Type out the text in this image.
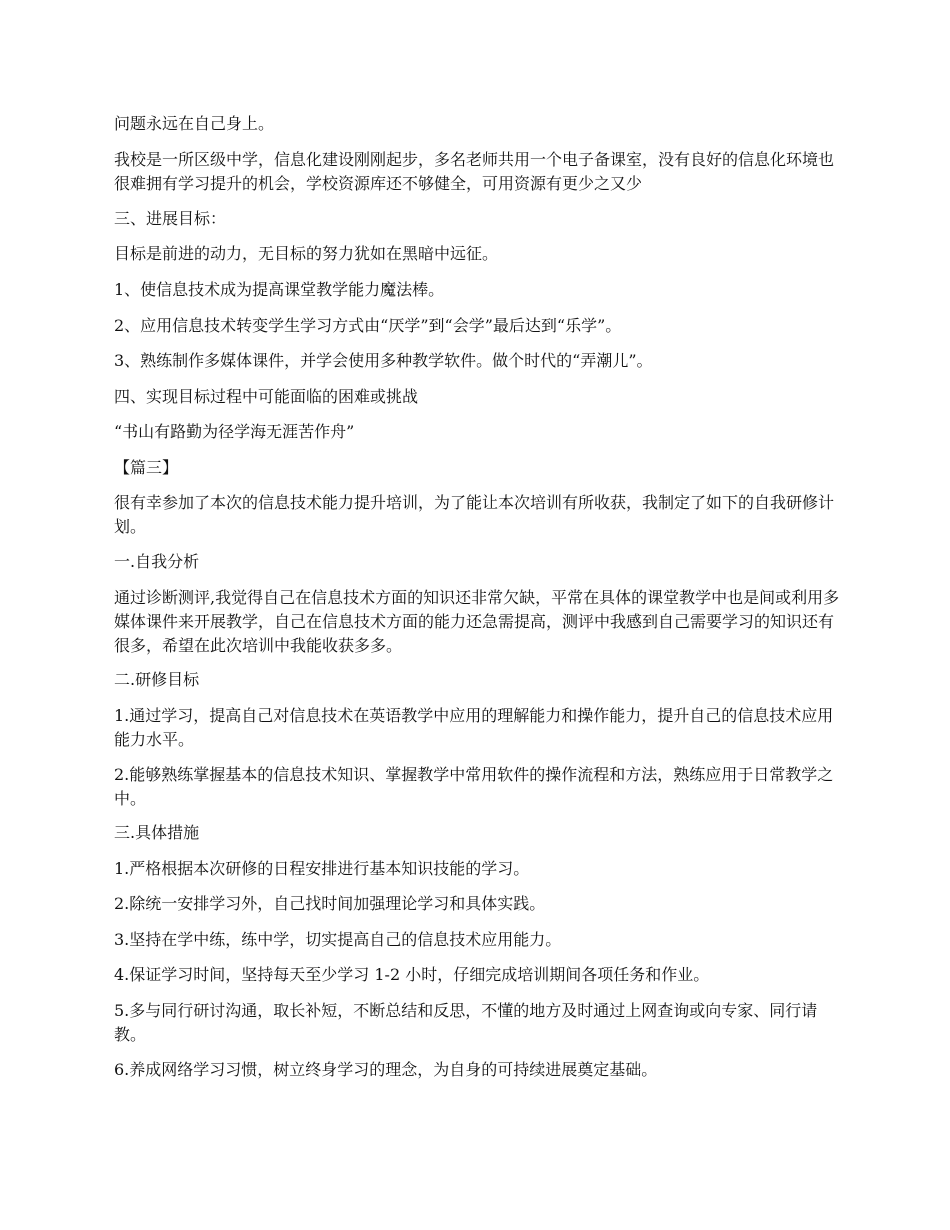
问题永远在自己身上。

我校是一所区级中学，信息化建设刚刚起步，多名老师共用一个电子备课室，没有良好的信息化环境也很难拥有学习提升的机会，学校资源库还不够健全，可用资源有更少之又少

三、进展目标：

目标是前进的动力，无目标的努力犹如在黑暗中远征。

1、使信息技术成为提高课堂教学能力魔法棒。

2、应用信息技术转变学生学习方式由“厌学”到“会学”最后达到“乐学”。

3、熟练制作多媒体课件，并学会使用多种教学软件。做个时代的“弄潮儿”。

四、实现目标过程中可能面临的困难或挑战

“书山有路勤为径学海无涯苦作舟”

【篇三】

很有幸参加了本次的信息技术能力提升培训，为了能让本次培训有所收获，我制定了如下的自我研修计划。

一.自我分析

通过诊断测评,我觉得自己在信息技术方面的知识还非常欠缺，平常在具体的课堂教学中也是间或利用多媒体课件来开展教学，自己在信息技术方面的能力还急需提高，测评中我感到自己需要学习的知识还有很多，希望在此次培训中我能收获多多。

二.研修目标

1.通过学习，提高自己对信息技术在英语教学中应用的理解能力和操作能力，提升自己的信息技术应用能力水平。

2.能够熟练掌握基本的信息技术知识、掌握教学中常用软件的操作流程和方法，熟练应用于日常教学之中。

三.具体措施

1.严格根据本次研修的日程安排进行基本知识技能的学习。

2.除统一安排学习外，自己找时间加强理论学习和具体实践。

3.坚持在学中练，练中学，切实提高自己的信息技术应用能力。

4.保证学习时间，坚持每天至少学习 1-2 小时，仔细完成培训期间各项任务和作业。

5.多与同行研讨沟通，取长补短，不断总结和反思，不懂的地方及时通过上网查询或向专家、同行请教。

6.养成网络学习习惯，树立终身学习的理念，为自身的可持续进展奠定基础。
